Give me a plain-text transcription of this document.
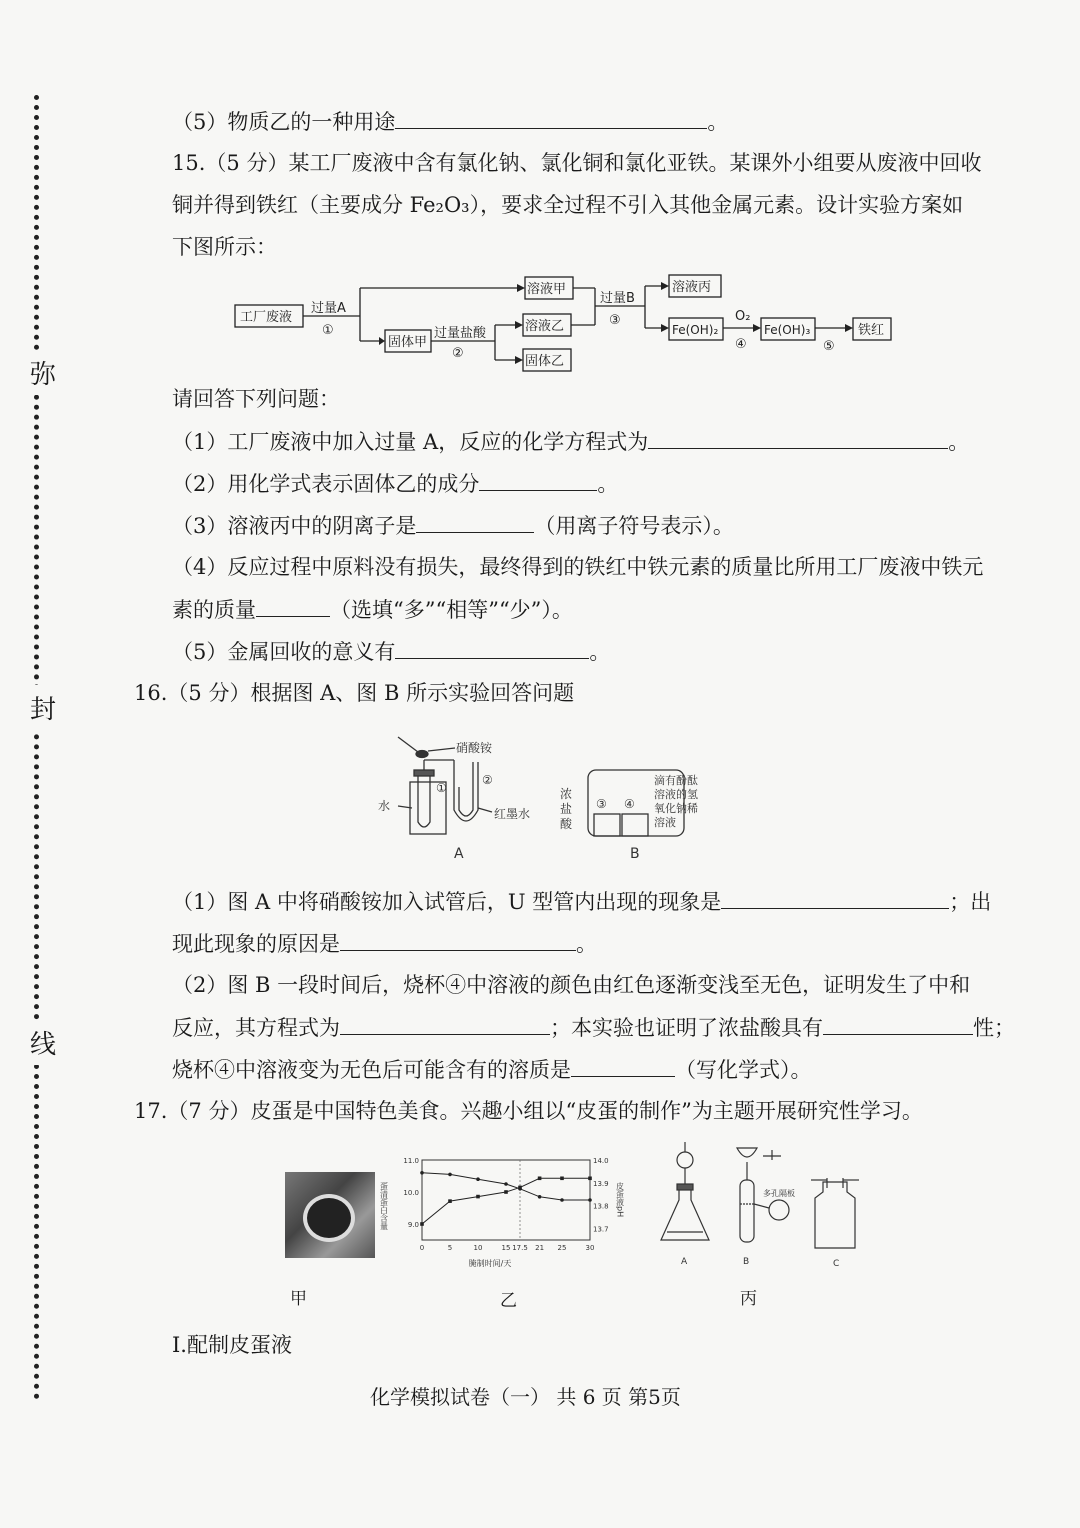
弥
封
线
（5）物质乙的一种用途	。
15.（5 分）某工厂废液中含有氯化钠、氯化铜和氯化亚铁。某课外小组要从废液中回收
铜并得到铁红（主要成分 Fe₂O₃），要求全过程不引入其他金属元素。设计实验方案如
下图所示：
工厂废液
过量A
①
固体甲
过量盐酸
②
溶液甲
溶液乙
固体乙
过量B
③
溶液丙
Fe(OH)₂
O₂
④
Fe(OH)₃
⑤
铁红
请回答下列问题：
（1）工厂废液中加入过量 A，反应的化学方程式为	。
（2）用化学式表示固体乙的成分	。
（3）溶液丙中的阴离子是	（用离子符号表示）。
（4）反应过程中原料没有损失，最终得到的铁红中铁元素的质量比所用工厂废液中铁元
素的质量	（选填“多”“相等”“少”）。
（5）金属回收的意义有	。
16.（5 分）根据图 A、图 B 所示实验回答问题
硝酸铵
①
②
水
红墨水
A
③ ④
浓
盐
酸
滴有酚酞
溶液的氢
氧化钠稀
溶液
B
（1）图 A 中将硝酸铵加入试管后，U 型管内出现的现象是	；出
现此现象的原因是	。
（2）图 B 一段时间后，烧杯④中溶液的颜色由红色逐渐变浅至无色，证明发生了中和
反应，其方程式为	；本实验也证明了浓盐酸具有	性；
烧杯④中溶液变为无色后可能含有的溶质是	（写化学式）。
17.（7 分）皮蛋是中国特色美食。兴趣小组以“皮蛋的制作”为主题开展研究性学习。
甲
0	5	10	15 17.5 21 25	30
11.0
10.0
9.0
14.0
13.9
13.8
13.7
腌制时间/天
蛋清蛋白含量	皮蛋液pH
乙
多孔隔板
A	B	C
丙
I.配制皮蛋液
化学模拟试卷（一） 共 6 页 第5页
